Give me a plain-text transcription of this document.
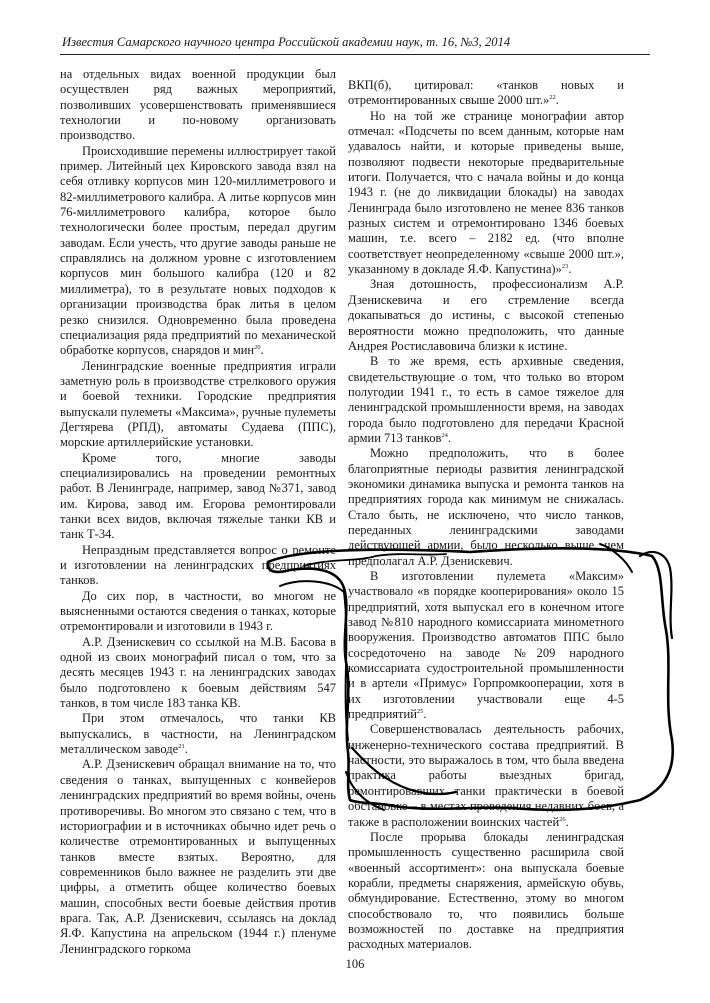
Известия Самарского научного центра Российской академии наук, т. 16, №3, 2014

на отдельных видах военной продукции был осуществлен ряд важных мероприятий, позволивших усовершенствовать применявшиеся технологии и по-новому организовать производство.

Происходившие перемены иллюстрирует такой пример. Литейный цех Кировского завода взял на себя отливку корпусов мин 120-миллиметрового и 82-миллиметрового калибра. А литье корпусов мин 76-миллиметрового калибра, которое было технологически более простым, передал другим заводам. Если учесть, что другие заводы раньше не справлялись на должном уровне с изготовлением корпусов мин большого калибра (120 и 82 миллиметра), то в результате новых подходов к организации производства брак литья в целом резко снизился. Одновременно была проведена специализация ряда предприятий по механической обработке корпусов, снарядов и мин$^{20}$.

Ленинградские военные предприятия играли заметную роль в производстве стрелкового оружия и боевой техники. Городские предприятия выпускали пулеметы «Максима», ручные пулеметы Дегтярева (РПД), автоматы Судаева (ППС), морские артиллерийские установки.

Кроме того, многие заводы специализировались на проведении ремонтных работ. В Ленинграде, например, завод №371, завод им. Кирова, завод им. Егорова ремонтировали танки всех видов, включая тяжелые танки КВ и танк Т-34.

Непраздным представляется вопрос о ремонте и изготовлении на ленинградских предприятиях танков.

До сих пор, в частности, во многом не выясненными остаются сведения о танках, которые отремонтировали и изготовили в 1943 г.

А.Р. Дзенискевич со ссылкой на М.В. Басова в одной из своих монографий писал о том, что за десять месяцев 1943 г. на ленинградских заводах было подготовлено к боевым действиям 547 танков, в том числе 183 танка КВ.

При этом отмечалось, что танки КВ выпускались, в частности, на Ленинградском металлическом заводе$^{21}$.

А.Р. Дзенискевич обращал внимание на то, что сведения о танках, выпущенных с конвейеров ленинградских предприятий во время войны, очень противоречивы. Во многом это связано с тем, что в историографии и в источниках обычно идет речь о количестве отремонтированных и выпущенных танков вместе взятых. Вероятно, для современников было важнее не разделить эти две цифры, а отметить общее количество боевых машин, способных вести боевые действия против врага. Так, А.Р. Дзенискевич, ссылаясь на доклад Я.Ф. Капустина на апрельском (1944 г.) пленуме Ленинградского горкома

ВКП(б), цитировал: «танков новых и отремонтированных свыше 2000 шт.»$^{22}$.

Но на той же странице монографии автор отмечал: «Подсчеты по всем данным, которые нам удавалось найти, и которые приведены выше, позволяют подвести некоторые предварительные итоги. Получается, что с начала войны и до конца 1943 г. (не до ликвидации блокады) на заводах Ленинграда было изготовлено не менее 836 танков разных систем и отремонтировано 1346 боевых машин, т.е. всего – 2182 ед. (что вполне соответствует неопределенному «свыше 2000 шт.», указанному в докладе Я.Ф. Капустина)»$^{23}$.

Зная дотошность, профессионализм А.Р. Дзенискевича и его стремление всегда докапываться до истины, с высокой степенью вероятности можно предположить, что данные Андрея Ростиславовича близки к истине.

В то же время, есть архивные сведения, свидетельствующие о том, что только во втором полугодии 1941 г., то есть в самое тяжелое для ленинградской промышленности время, на заводах города было подготовлено для передачи Красной армии 713 танков$^{24}$.

Можно предположить, что в более благоприятные периоды развития ленинградской экономики динамика выпуска и ремонта танков на предприятиях города как минимум не снижалась. Стало быть, не исключено, что число танков, переданных ленинградскими заводами действующей армии, было несколько выше, чем предполагал А.Р. Дзенискевич.

В изготовлении пулемета «Максим» участвовало «в порядке кооперирования» около 15 предприятий, хотя выпускал его в конечном итоге завод №810 народного комиссариата минометного вооружения. Производство автоматов ППС было сосредоточено на заводе №209 народного комиссариата судостроительной промышленности и в артели «Примус» Горпромкооперации, хотя в их изготовлении участвовали еще 4-5 предприятий$^{25}$.

Совершенствовалась деятельность рабочих, инженерно-технического состава предприятий. В частности, это выражалось в том, что была введена практика работы выездных бригад, ремонтировавших танки практически в боевой обстановке – в местах проведения недавних боев, а также в расположении воинских частей$^{26}$.

После прорыва блокады ленинградская промышленность существенно расширила свой «военный ассортимент»: она выпускала боевые корабли, предметы снаряжения, армейскую обувь, обмундирование. Естественно, этому во многом способствовало то, что появились больше возможностей по доставке на предприятия расходных материалов.

106
